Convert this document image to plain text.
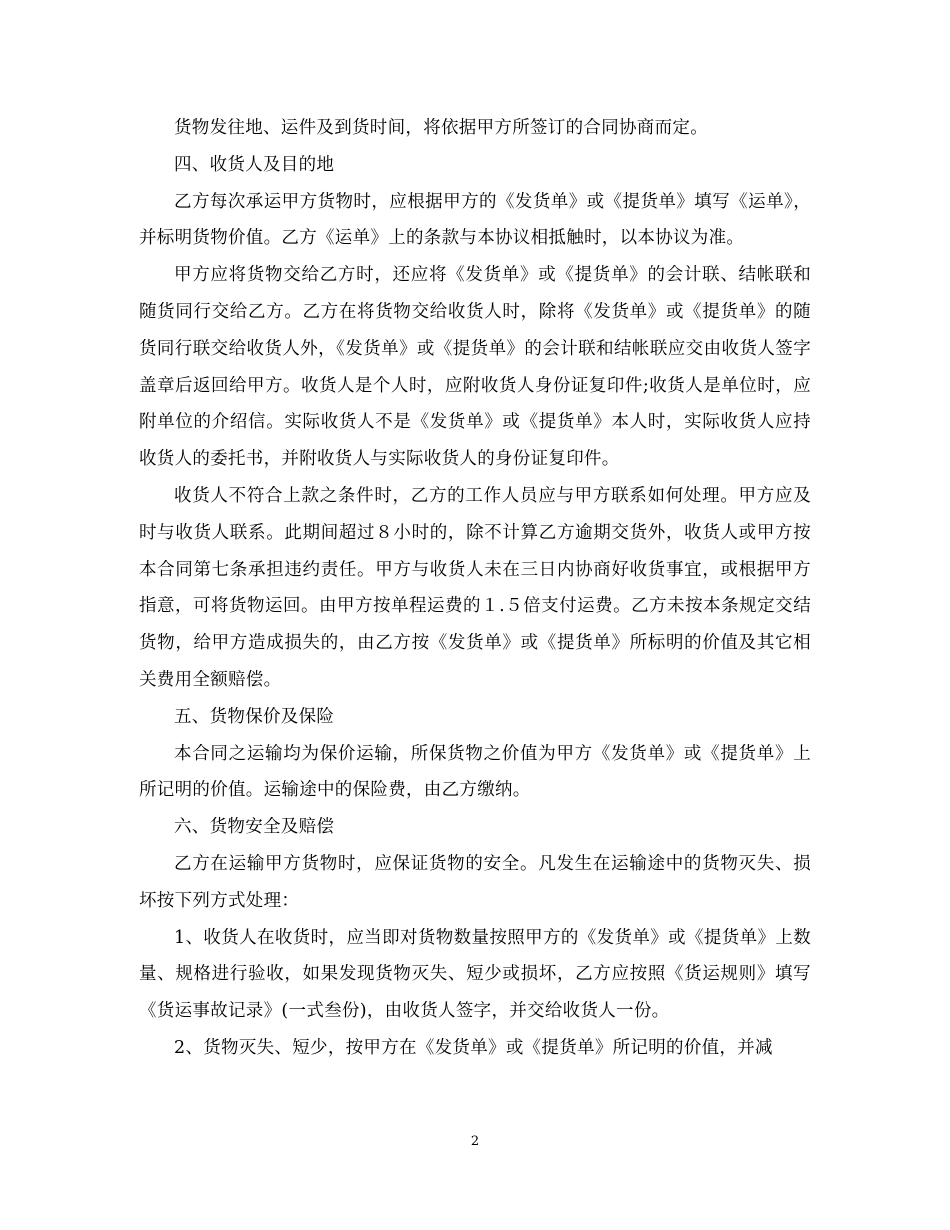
货物发往地、运件及到货时间，将依据甲方所签订的合同协商而定。

四、收货人及目的地

乙方每次承运甲方货物时，应根据甲方的《发货单》或《提货单》填写《运单》，并标明货物价值。乙方《运单》上的条款与本协议相抵触时，以本协议为准。

甲方应将货物交给乙方时，还应将《发货单》或《提货单》的会计联、结帐联和随货同行交给乙方。乙方在将货物交给收货人时，除将《发货单》或《提货单》的随货同行联交给收货人外，《发货单》或《提货单》的会计联和结帐联应交由收货人签字盖章后返回给甲方。收货人是个人时，应附收货人身份证复印件;收货人是单位时，应附单位的介绍信。实际收货人不是《发货单》或《提货单》本人时，实际收货人应持收货人的委托书，并附收货人与实际收货人的身份证复印件。

收货人不符合上款之条件时，乙方的工作人员应与甲方联系如何处理。甲方应及时与收货人联系。此期间超过８小时的，除不计算乙方逾期交货外，收货人或甲方按本合同第七条承担违约责任。甲方与收货人未在三日内协商好收货事宜，或根据甲方指意，可将货物运回。由甲方按单程运费的１.５倍支付运费。乙方未按本条规定交结货物，给甲方造成损失的，由乙方按《发货单》或《提货单》所标明的价值及其它相关费用全额赔偿。

五、货物保价及保险

本合同之运输均为保价运输，所保货物之价值为甲方《发货单》或《提货单》上所记明的价值。运输途中的保险费，由乙方缴纳。

六、货物安全及赔偿

乙方在运输甲方货物时，应保证货物的安全。凡发生在运输途中的货物灭失、损坏按下列方式处理：

1、收货人在收货时，应当即对货物数量按照甲方的《发货单》或《提货单》上数量、规格进行验收，如果发现货物灭失、短少或损坏，乙方应按照《货运规则》填写《货运事故记录》(一式叁份)，由收货人签字，并交给收货人一份。

2、货物灭失、短少，按甲方在《发货单》或《提货单》所记明的价值，并减

2
